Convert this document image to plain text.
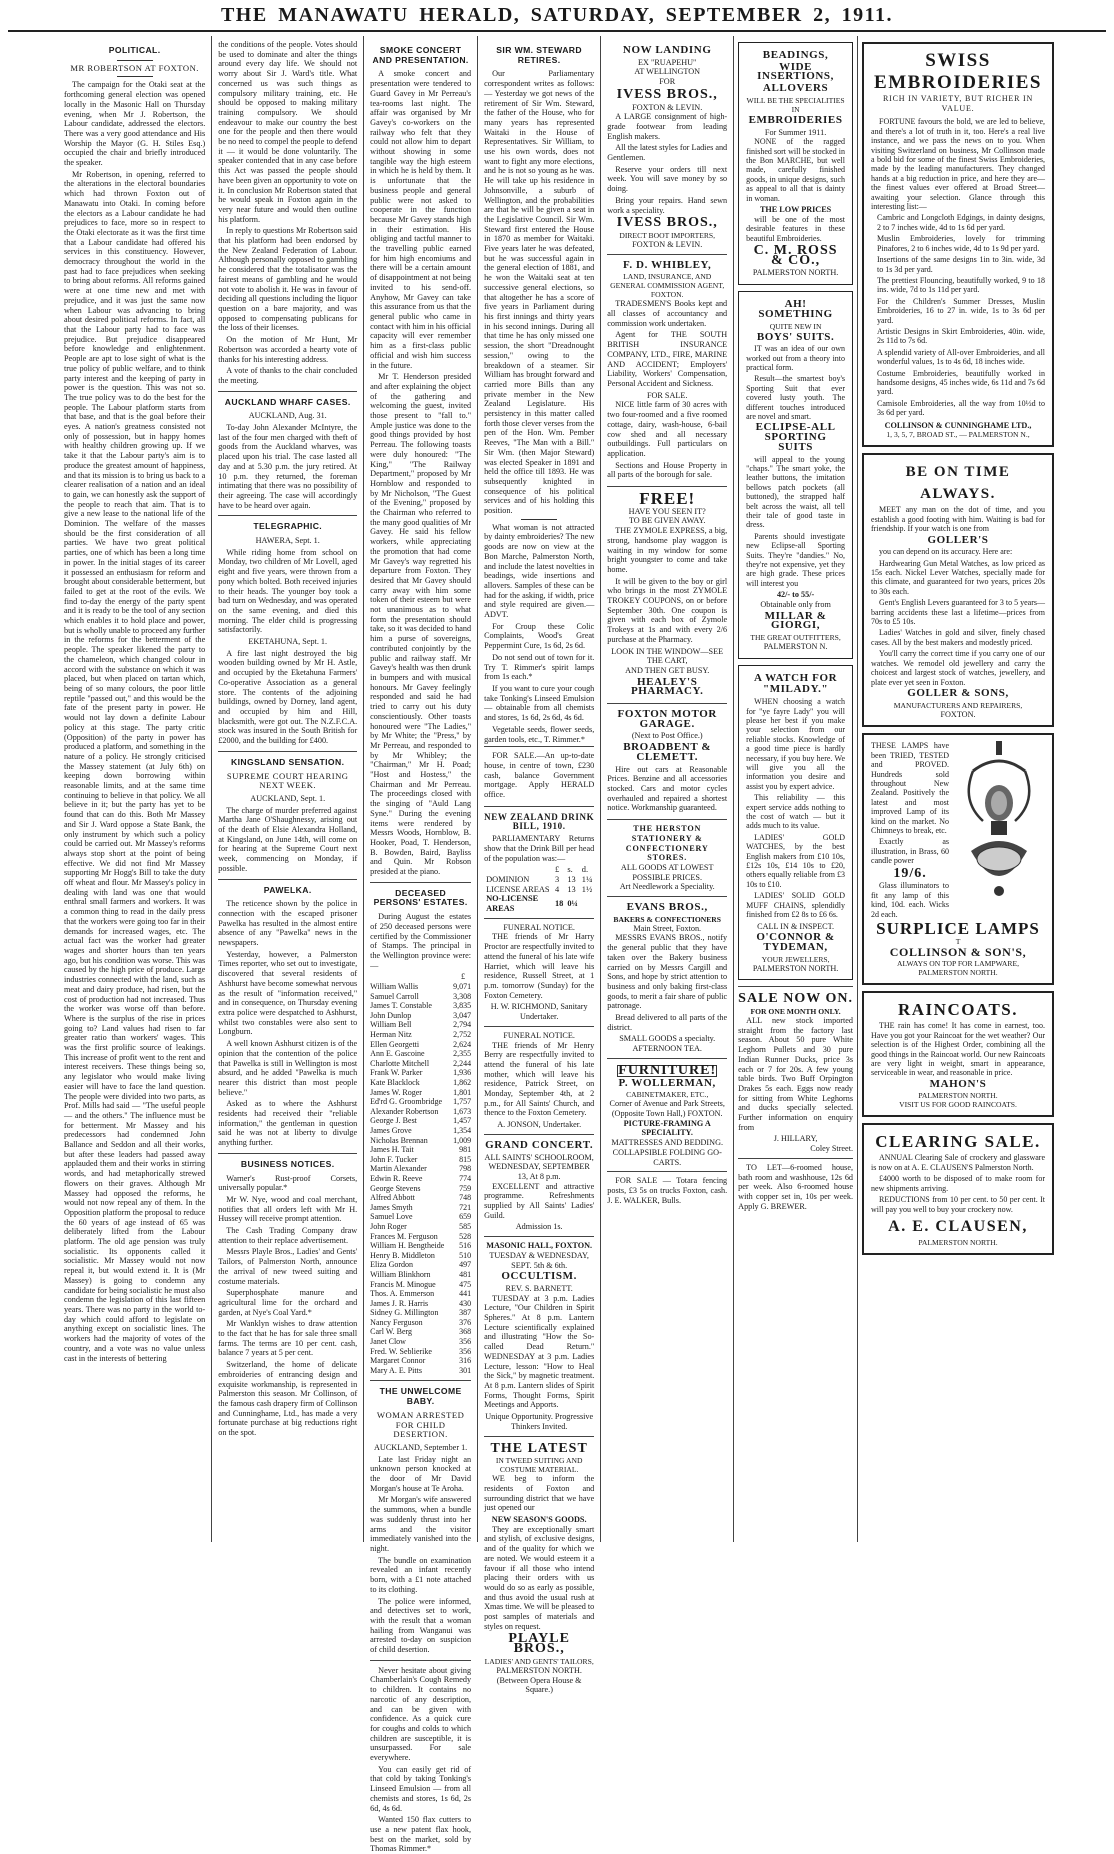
THE MANAWATU HERALD, SATURDAY, SEPTEMBER 2, 1911.
POLITICAL.
MR ROBERTSON AT FOXTON.

The campaign for the Otaki seat at the forthcoming general election was opened locally in the Masonic Hall on Thursday evening, when Mr J. Robertson, the Labour candidate, addressed the electors. There was a very good attendance and His Worship the Mayor (G. H. Stiles Esq.) occupied the chair and briefly introduced the speaker.

Mr Robertson, in opening, referred to the alterations in the electoral boundaries which had thrown Foxton out of Manawatu into Otaki. In coming before the electors as a Labour candidate he had prejudices to face, more so in respect to the Otaki electorate as it was the first time that a Labour candidate had offered his services in this constituency. However, democracy throughout the world in the past had to face prejudices when seeking to bring about reforms. All reforms gained were at one time new and met with prejudice, and it was just the same now when Labour was advancing to bring about desired political reforms. In fact, all that the Labour party had to face was prejudice. But prejudice disappeared before knowledge and enlightenment. People are apt to lose sight of what is the true policy of public welfare, and to think party interest and the keeping of party in power is the question. This was not so. The true policy was to do the best for the people. The Labour platform starts from that base, and that is the goal before their eyes. A nation's greatness consisted not only of possession, but in happy homes with healthy children growing up. If we take it that the Labour party's aim is to produce the greatest amount of happiness, and that its mission is to bring us back to a clearer realisation of a nation and an ideal to gain, we can honestly ask the support of the people to reach that aim. That is to give a new lease to the national life of the Dominion. The welfare of the masses should be the first consideration of all parties. We have two great political parties, one of which has been a long time in power. In the initial stages of its career it possessed an enthusiasm for reform and brought about considerable betterment, but failed to get at the root of the evils. We find to-day the energy of the party spent and it is ready to be the tool of any section which enables it to hold place and power, but is wholly unable to proceed any further in the reforms for the betterment of the people. The speaker likened the party to the chameleon, which changed colour in accord with the substance on which it was placed, but when placed on tartan which, being of so many colours, the poor little reptile "passed out," and this would be the fate of the present party in power. He would not lay down a definite Labour policy at this stage. The party critic (Opposition) of the party in power has produced a platform, and something in the nature of a policy. He strongly criticised the Massey statement (at July 6th) on keeping down borrowing within reasonable limits, and at the same time continuing to believe in that policy. We all believe in it; but the party has yet to be found that can do this. Both Mr Massey and Sir J. Ward oppose a State Bank, the only instrument by which such a policy could be carried out. Mr Massey's reforms always stop short at the point of being effective. We did not find Mr Massey supporting Mr Hogg's Bill to take the duty off wheat and flour. Mr Massey's policy in dealing with land was one that would enthral small farmers and workers. It was a common thing to read in the daily press that the workers were going too far in their demands for increased wages, etc. The actual fact was the worker had greater wages and shorter hours than ten years ago, but his condition was worse. This was caused by the high price of produce. Large industries connected with the land, such as meat and dairy produce, had risen, but the cost of production had not increased. Thus the worker was worse off than before. Where is the surplus of the rise in prices going to? Land values had risen to far greater ratio than workers' wages. This was the first prolific source of leakings. This increase of profit went to the rent and interest receivers. These things being so, any legislator who would make living easier will have to face the land question. The people were divided into two parts, as Prof. Mills had said — "The useful people — and the others." The influence must be for betterment. Mr Massey and his predecessors had condemned John Ballance and Seddon and all their works, but after these leaders had passed away applauded them and their works in stirring words, and had metaphorically strewed flowers on their graves. Although Mr Massey had opposed the reforms, he would not now repeal any of them. In the Opposition platform the proposal to reduce the 60 years of age instead of 65 was deliberately lifted from the Labour platform. The old age pension was truly socialistic. Its opponents called it socialistic. Mr Massey would not now repeal it, but would extend it. It is (Mr Massey) is going to condemn any candidate for being socialistic he must also condemn the legislation of this last fifteen years. There was no party in the world to-day which could afford to legislate on anything except on socialistic lines. The workers had the majority of votes of the country, and a vote was no value unless cast in the interests of bettering

the conditions of the people. Votes should be used to dominate and alter the things around every day life. We should not worry about Sir J. Ward's title. What concerned us was such things as compulsory military training, etc. He should be opposed to making military training compulsory. We should endeavour to make our country the best one for the people and then there would be no need to compel the people to defend it — it would be done voluntarily. The speaker contended that in any case before this Act was passed the people should have been given an opportunity to vote on it. In conclusion Mr Robertson stated that he would speak in Foxton again in the very near future and would then outline his platform.

In reply to questions Mr Robertson said that his platform had been endorsed by the New Zealand Federation of Labour. Although personally opposed to gambling he considered that the totalisator was the fairest means of gambling and he would not vote to abolish it. He was in favour of deciding all questions including the liquor question on a bare majority, and was opposed to compensating publicans for the loss of their licenses.

On the motion of Mr Hunt, Mr Robertson was accorded a hearty vote of thanks for his interesting address.

A vote of thanks to the chair concluded the meeting.

AUCKLAND WHARF CASES.

AUCKLAND, Aug. 31.

To-day John Alexander McIntyre, the last of the four men charged with theft of goods from the Auckland wharves, was placed upon his trial. The case lasted all day and at 5.30 p.m. the jury retired. At 10 p.m. they returned, the foreman intimating that there was no possibility of their agreeing. The case will accordingly have to be heard over again.

TELEGRAPHIC.

HAWERA, Sept. 1.

While riding home from school on Monday, two children of Mr Lovell, aged eight and five years, were thrown from a pony which bolted. Both received injuries to their heads. The younger boy took a bad turn on Wednesday, and was operated on the same evening, and died this morning. The elder child is progressing satisfactorily.

EKETAHUNA, Sept. 1.

A fire last night destroyed the big wooden building owned by Mr H. Astle, and occupied by the Eketahuna Farmers' Co-operative Association as a general store. The contents of the adjoining buildings, owned by Dorney, land agent, and occupied by him and Hill, blacksmith, were got out. The N.Z.F.C.A. stock was insured in the South British for £2000, and the building for £400.

KINGSLAND SENSATION.
SUPREME COURT HEARING NEXT WEEK.

AUCKLAND, Sept. 1.

The charge of murder preferred against Martha Jane O'Shaughnessy, arising out of the death of Elsie Alexandra Holland, at Kingsland, on June 14th, will come on for hearing at the Supreme Court next week, commencing on Monday, if possible.

PAWELKA.

The reticence shown by the police in connection with the escaped prisoner Pawelka has resulted in the almost entire absence of any "Pawelka" news in the newspapers.

Yesterday, however, a Palmerston Times reporter, who set out to investigate, discovered that several residents of Ashhurst have become somewhat nervous as the result of "information received," and in consequence, on Thursday evening extra police were despatched to Ashhurst, whilst two constables were also sent to Longburn.

A well known Ashhurst citizen is of the opinion that the contention of the police that Pawelka is still in Wellington is most absurd, and he added "Pawelka is much nearer this district than most people believe."

Asked as to where the Ashhurst residents had received their "reliable information," the gentleman in question said he was not at liberty to divulge anything further.

BUSINESS NOTICES.

Warner's Rust-proof Corsets, universally popular.*

Mr W. Nye, wood and coal merchant, notifies that all orders left with Mr H. Hussey will receive prompt attention.

The Cash Trading Company draw attention to their replace advertisement.

Messrs Playle Bros., Ladies' and Gents' Tailors, of Palmerston North, announce the arrival of new tweed suiting and costume materials.

Superphosphate manure and agricultural lime for the orchard and garden, at Nye's Coal Yard.*

Mr Wanklyn wishes to draw attention to the fact that he has for sale three small farms. The terms are 10 per cent. cash, balance 7 years at 5 per cent.

Switzerland, the home of delicate embroideries of entrancing design and exquisite workmanship, is represented in Palmerston this season. Mr Collinson, of the famous cash drapery firm of Collinson and Cunninghame, Ltd., has made a very fortunate purchase at big reductions right on the spot.

SMOKE CONCERT AND PRESENTATION.

A smoke concert and presentation were tendered to Guard Gavey in Mr Perreau's tea-rooms last night. The affair was organised by Mr Gavey's co-workers on the railway who felt that they could not allow him to depart without showing in some tangible way the high esteem in which he is held by them. It is unfortunate that the business people and general public were not asked to cooperate in the function because Mr Gavey stands high in their estimation. His obliging and tactful manner to the travelling public earned for him high encomiums and there will be a certain amount of disappointment at not being invited to his send-off. Anyhow, Mr Gavey can take this assurance from us that the general public who came in contact with him in his official capacity will ever remember him as a first-class public official and wish him success in the future.

Mr T. Henderson presided and after explaining the object of the gathering and welcoming the guest, invited those present to "fall to." Ample justice was done to the good things provided by host Perreau. The following toasts were duly honoured: "The King," "The Railway Department," proposed by Mr Hornblow and responded to by Mr Nicholson, "The Guest of the Evening," proposed by the Chairman who referred to the many good qualities of Mr Gavey. He said his fellow workers, while appreciating the promotion that had come Mr Gavey's way regretted his departure from Foxton. They desired that Mr Gavey should carry away with him some token of their esteem but were not unanimous as to what form the presentation should take, so it was decided to hand him a purse of sovereigns, contributed conjointly by the public and railway staff. Mr Gavey's health was then drunk in bumpers and with musical honours. Mr Gavey feelingly responded and said he had tried to carry out his duty conscientiously. Other toasts honoured were "The Ladies," by Mr White; the "Press," by Mr Perreau, and responded to by Mr Whibley; the "Chairman," Mr H. Poad; "Host and Hostess," the Chairman and Mr Perreau. The proceedings closed with the singing of "Auld Lang Syne." During the evening items were rendered by Messrs Woods, Hornblow, B. Hooker, Poad, T. Henderson, B. Bowden, Baird, Bayliss and Quin. Mr Robson presided at the piano.

DECEASED PERSONS' ESTATES.

During August the estates of 250 deceased persons were certified by the Commissioner of Stamps. The principal in the Wellington province were:—

£
William Wallis	9,071
Samuel Carroll	3,308
James T. Constable	3,835
John Dunlop	3,047
William Bell	2,794
Herman Nitz	2,752
Ellen Georgetti	2,624
Ann E. Gascoine	2,355
Charlotte Mitchell	2,244
Frank W. Parker	1,936
Kate Blacklock	1,862
James W. Roger	1,801
Ed'rd G. Groombridge	1,757
Alexander Robertson	1,673
George J. Best	1,457
James Grove	1,354
Nicholas Brennan	1,009
James H. Tait	981
John F. Tucker	815
Martin Alexander	798
Edwin R. Reeve	774
George Stevens	759
Alfred Abbott	748
James Smyth	721
Samuel Love	659
John Roger	585
Frances M. Ferguson	528
William H. Bengtheide	516
Henry B. Middleton	510
Eliza Gordon	497
William Blinkhorn	481
Francis M. Minogue	475
Thos. A. Emmerson	441
James J. R. Harris	430
Sidney G. Millington	387
Nancy Ferguson	376
Carl W. Berg	368
Janet Clow	356
Fred. W. Seblierike	356
Margaret Connor	316
Mary A. E. Pitts	301
THE UNWELCOME BABY.
WOMAN ARRESTED FOR CHILD DESERTION.

AUCKLAND, September 1.

Late last Friday night an unknown person knocked at the door of Mr David Morgan's house at Te Aroha.

Mr Morgan's wife answered the summons, when a bundle was suddenly thrust into her arms and the visitor immediately vanished into the night.

The bundle on examination revealed an infant recently born, with a £1 note attached to its clothing.

The police were informed, and detectives set to work, with the result that a woman hailing from Wanganui was arrested to-day on suspicion of child desertion.

Never hesitate about giving Chamberlain's Cough Remedy to children. It contains no narcotic of any description, and can be given with confidence. As a quick cure for coughs and colds to which children are susceptible, it is unsurpassed. For sale everywhere.

You can easily get rid of that cold by taking Tonking's Linseed Emulsion — from all chemists and stores, 1s 6d, 2s 6d, 4s 6d.

Wanted 150 flax cutters to use a new patent flax hook, best on the market, sold by Thomas Rimmer.*

SIR WM. STEWARD RETIRES.

Our Parliamentary correspondent writes as follows:— Yesterday we got news of the retirement of Sir Wm. Steward, the father of the House, who for many years has represented Waitaki in the House of Representatives. Sir William, to use his own words, does not want to fight any more elections, and he is not so young as he was. He will take up his residence in Johnsonville, a suburb of Wellington, and the probabilities are that he will be given a seat in the Legislative Council. Sir Wm. Steward first entered the House in 1870 as member for Waitaki. Five years later he was defeated, but he was successful again in the general election of 1881, and he won the Waitaki seat at ten successive general elections, so that altogether he has a score of five years in Parliament during his first innings and thirty years in his second innings. During all that time he has only missed one session, the short "Dreadnought session," owing to the breakdown of a steamer. Sir William has brought forward and carried more Bills than any private member in the New Zealand Legislature. His persistency in this matter called forth those clever verses from the pen of the Hon. Wm. Pember Reeves, "The Man with a Bill." Sir Wm. (then Major Steward) was elected Speaker in 1891 and held the office till 1893. He was subsequently knighted in consequence of his political services and of his holding this position.

What woman is not attracted by dainty embroideries? The new goods are now on view at the Bon Marche, Palmerston North, and include the latest novelties in beadings, wide insertions and allovers. Samples of these can be had for the asking, if width, price and style required are given.—ADVT.

For Croup these Colic Complaints, Wood's Great Peppermint Cure, 1s 6d, 2s 6d.

Do not send out of town for it. Try T. Rimmer's spirit lamps from 1s each.*

If you want to cure your cough take Tonking's Linseed Emulsion — obtainable from all chemists and stores, 1s 6d, 2s 6d, 4s 6d.

Vegetable seeds, flower seeds, garden tools, etc., T. Rimmer.*

FOR SALE.—An up-to-date house, in centre of town, £230 cash, balance Government mortgage. Apply HERALD office.

NEW ZEALAND DRINK BILL, 1910.

PARLIAMENTARY Returns show that the Drink Bill per head of the population was:—

	£	s.	d.
DOMINION	3	13	1¼
LICENSE AREAS	4	13	1½
NO-LICENSE AREAS	18	0¼	
FUNERAL NOTICE.

THE friends of Mr Harry Proctor are respectfully invited to attend the funeral of his late wife Harriet, which will leave his residence, Russell Street, at 1 p.m. tomorrow (Sunday) for the Foxton Cemetery.

H. W. RICHMOND, Sanitary Undertaker.
FUNERAL NOTICE.

THE friends of Mr Henry Berry are respectfully invited to attend the funeral of his late mother, which will leave his residence, Patrick Street, on Monday, September 4th, at 2 p.m., for All Saints' Church, and thence to the Foxton Cemetery.

A. JONSON, Undertaker.
GRAND CONCERT.
ALL SAINTS' SCHOOLROOM,
WEDNESDAY, SEPTEMBER 13, At 8 p.m.

EXCELLENT and attractive programme. Refreshments supplied by All Saints' Ladies' Guild.

Admission 1s.
MASONIC HALL, FOXTON.
TUESDAY & WEDNESDAY, SEPT. 5th & 6th.
OCCULTISM.
REV. S. BARNETT.

TUESDAY at 3 p.m. Ladies Lecture, "Our Children in Spirit Spheres." At 8 p.m. Lantern Lecture scientifically explained and illustrating "How the So-called Dead Return." WEDNESDAY at 3 p.m. Ladies Lecture, lesson: "How to Heal the Sick," by magnetic treatment. At 8 p.m. Lantern slides of Spirit Forms, Thought Forms, Spirit Meetings and Apports.

Unique Opportunity. Progressive Thinkers Invited.
THE LATEST
IN TWEED SUITING AND COSTUME MATERIAL.

WE beg to inform the residents of Foxton and surrounding district that we have just opened our

NEW SEASON'S GOODS.

They are exceptionally smart and stylish, of exclusive designs, and of the quality for which we are noted. We would esteem it a favour if all those who intend placing their orders with us would do so as early as possible, and thus avoid the usual rush at Xmas time. We will be pleased to post samples of materials and styles on request.

PLAYLE BROS.,
LADIES' AND GENTS' TAILORS,
PALMERSTON NORTH.
(Between Opera House & Square.)
NOW LANDING
EX "RUAPEHU"
AT WELLINGTON
FOR
IVESS BROS.,
FOXTON & LEVIN.

A LARGE consignment of high-grade footwear from leading English makers.

All the latest styles for Ladies and Gentlemen.

Reserve your orders till next week. You will save money by so doing.

Bring your repairs. Hand sewn work a speciality.

IVESS BROS.,
DIRECT BOOT IMPORTERS,
FOXTON & LEVIN.
F. D. WHIBLEY,
LAND, INSURANCE, AND GENERAL COMMISSION AGENT, FOXTON.

TRADESMEN'S Books kept and all classes of accountancy and commission work undertaken.

Agent for THE SOUTH BRITISH INSURANCE COMPANY, LTD., FIRE, MARINE AND ACCIDENT; Employers' Liability, Workers' Compensation, Personal Accident and Sickness.

FOR SALE.

NICE little farm of 30 acres with two four-roomed and a five roomed cottage, dairy, wash-house, 6-bail cow shed and all necessary outbuildings. Full particulars on application.

Sections and House Property in all parts of the borough for sale.

FREE!
HAVE YOU SEEN IT?
TO BE GIVEN AWAY.

THE ZYMOLE EXPRESS, a big, strong, handsome play waggon is waiting in my window for some bright youngster to come and take home.

It will be given to the boy or girl who brings in the most ZYMOLE TROKEY COUPONS, on or before September 30th. One coupon is given with each box of Zymole Trokeys at 1s and with every 2/6 purchase at the Pharmacy.

LOOK IN THE WINDOW—SEE THE CART,
AND THEN GET BUSY.
HEALEY'S PHARMACY.
FOXTON MOTOR GARAGE.
(Next to Post Office.)
BROADBENT & CLEMETT.

Hire out cars at Reasonable Prices. Benzine and all accessories stocked. Cars and motor cycles overhauled and repaired a shortest notice. Workmanship guaranteed.

THE HERSTON STATIONERY & CONFECTIONERY STORES.
ALL GOODS AT LOWEST POSSIBLE PRICES.
Art Needlework a Speciality.
EVANS BROS.,
BAKERS & CONFECTIONERS
Main Street, Foxton.

MESSRS EVANS BROS., notify the general public that they have taken over the Bakery business carried on by Messrs Cargill and Sons, and hope by strict attention to business and only baking first-class goods, to merit a fair share of public patronage.

Bread delivered to all parts of the district.

SMALL GOODS a specialty.
AFTERNOON TEA.
FURNITURE!
P. WOLLERMAN,
CABINETMAKER, ETC.,
Corner of Avenue and Park Streets, (Opposite Town Hall,) FOXTON.
PICTURE-FRAMING A SPECIALITY.
MATTRESSES AND BEDDING.
COLLAPSIBLE FOLDING GO-CARTS.

FOR SALE — Totara fencing posts, £3 5s on trucks Foxton, cash. J. E. WALKER, Bulls.

BEADINGS,
WIDE INSERTIONS,
ALLOVERS
WILL BE THE SPECIALITIES IN
EMBROIDERIES
For Summer 1911.

NONE of the ragged finished sort will be stocked in the Bon MARCHE, but well made, carefully finished goods, in unique designs, such as appeal to all that is dainty in woman.

THE LOW PRICES

will be one of the most desirable features in these beautiful Embroideries.

C. M. ROSS & CO.,
PALMERSTON NORTH.
AH! SOMETHING
QUITE NEW IN
BOYS' SUITS.

IT was an idea of our own worked out from a theory into practical form.

Result—the smartest boy's Sporting Suit that ever covered lusty youth. The different touches introduced are novel and smart.

ECLIPSE-ALL SPORTING SUITS

will appeal to the young "chaps." The smart yoke, the leather buttons, the imitation bellows patch pockets (all buttoned), the strapped half belt across the waist, all tell their tale of good taste in dress.

Parents should investigate new Eclipse-all Sporting Suits. They're "dandies." No, they're not expensive, yet they are high grade. These prices will interest you

42/- to 55/-
Obtainable only from
MILLAR & GIORGI,
THE GREAT OUTFITTERS,
PALMERSTON N.
A WATCH FOR
"MILADY."

WHEN choosing a watch for "ye fayre Lady" you will please her best if you make your selection from our reliable stocks. Knowledge of a good time piece is hardly necessary, if you buy here. We will give you all the information you desire and assist you by expert advice.

This reliability — this expert service adds nothing to the cost of watch — but it adds much to its value.

LADIES' GOLD WATCHES, by the best English makers from £10 10s, £12s 10s, £14 10s to £20, others equally reliable from £3 10s to £10.

LADIES' SOLID GOLD MUFF CHAINS, splendidly finished from £2 8s to £6 6s.

CALL IN & INSPECT.
O'CONNOR & TYDEMAN,
YOUR JEWELLERS,
PALMERSTON NORTH.
SALE NOW ON.
FOR ONE MONTH ONLY.

ALL new stock imported straight from the factory last season. About 50 pure White Leghorn Pullets and 30 pure Indian Runner Ducks, price 3s each or 7 for 20s. A few young table birds. Two Buff Orpington Drakes 5s each. Eggs now ready for sitting from White Leghorns and ducks specially selected. Further information on enquiry from

J. HILLARY,
Coley Street.

TO LET—6-roomed house, bath room and washhouse, 12s 6d per week. Also 6-roomed house with copper set in, 10s per week. Apply G. BREWER.

SWISS
EMBROIDERIES
RICH IN VARIETY, BUT RICHER IN VALUE.

FORTUNE favours the bold, we are led to believe, and there's a lot of truth in it, too. Here's a real live instance, and we pass the news on to you. When visiting Switzerland on business, Mr Collinson made a bold bid for some of the finest Swiss Embroideries, made by the leading manufacturers. They changed hands at a big reduction in price, and here they are—the finest values ever offered at Broad Street—awaiting your selection. Glance through this interesting list:—

Cambric and Longcloth Edgings, in dainty designs, 2 to 7 inches wide, 4d to 1s 6d per yard.

Muslin Embroideries, lovely for trimming Pinafores, 2 to 6 inches wide, 4d to 1s 9d per yard.

Insertions of the same designs 1in to 3in. wide, 3d to 1s 3d per yard.

The prettiest Flouncing, beautifully worked, 9 to 18 ins. wide, 7d to 1s 11d per yard.

For the Children's Summer Dresses, Muslin Embroideries, 16 to 27 in. wide, 1s to 3s 6d per yard.

Artistic Designs in Skirt Embroideries, 40in. wide, 2s 11d to 7s 6d.

A splendid variety of All-over Embroideries, and all wonderful values, 1s to 4s 6d, 18 inches wide.

Costume Embroideries, beautifully worked in handsome designs, 45 inches wide, 6s 11d and 7s 6d yard.

Camisole Embroideries, all the way from 10½d to 3s 6d per yard.

COLLINSON & CUNNINGHAME LTD.,
1, 3, 5, 7, BROAD ST., — PALMERSTON N.,
BE ON TIME
ALWAYS.

MEET any man on the dot of time, and you establish a good footing with him. Waiting is bad for friendship. If your watch is one from

GOLLER'S

you can depend on its accuracy. Here are:

Hardwearing Gun Metal Watches, as low priced as 15s each. Nickel Lever Watches, specially made for this climate, and guaranteed for two years, prices 20s to 30s each.

Gent's English Levers guaranteed for 3 to 5 years—barring accidents these last a lifetime—prices from 70s to £5 10s.

Ladies' Watches in gold and silver, finely chased cases. All by the best makers and modestly priced.

You'll carry the correct time if you carry one of our watches. We remodel old jewellery and carry the choicest and largest stock of watches, jewellery, and plate ever yet seen in Foxton.

GOLLER & SONS,
MANUFACTURERS AND REPAIRERS,
FOXTON.

THESE LAMPS have been TRIED, TESTED and PROVED. Hundreds sold throughout New Zealand. Positively the latest and most improved Lamp of its kind on the market. No Chimneys to break, etc.

Exactly as illustration, in Brass, 60 candle power

19/6.

Glass illuminators to fit any lamp of this kind, 10d. each. Wicks 2d each.

SURPLICE LAMPS
T
COLLINSON & SON'S,
ALWAYS ON TOP FOR LAMPWARE,
PALMERSTON NORTH.
RAINCOATS.

THE rain has come! It has come in earnest, too. Have you got your Raincoat for the wet weather? Our selection is of the Highest Order, combining all the good things in the Raincoat world. Our new Raincoats are very light in weight, smart in appearance, serviceable in wear, and reasonable in price.

MAHON'S
PALMERSTON NORTH.
VISIT US FOR GOOD RAINCOATS.
CLEARING SALE.

ANNUAL Clearing Sale of crockery and glassware is now on at A. E. CLAUSEN'S Palmerston North.

£4000 worth to be disposed of to make room for new shipments arriving.

REDUCTIONS from 10 per cent. to 50 per cent. It will pay you well to buy your crockery now.

A. E. CLAUSEN,
PALMERSTON NORTH.
